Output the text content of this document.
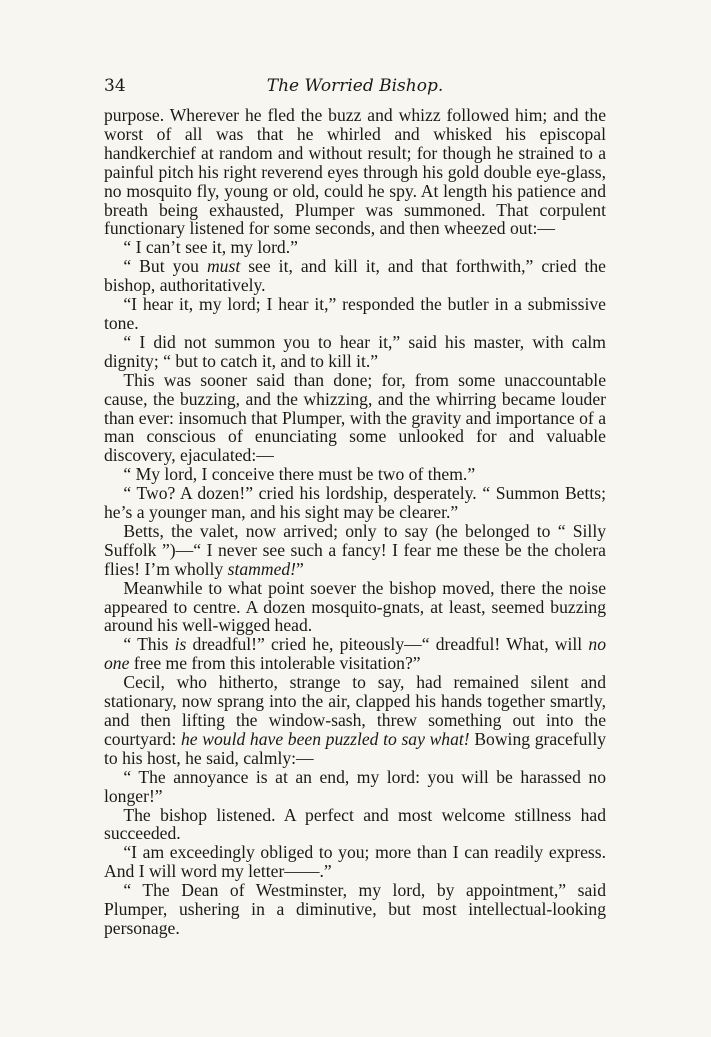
34	The Worried Bishop.

purpose. Wherever he fled the buzz and whizz followed him; and the worst of all was that he whirled and whisked his episcopal handkerchief at random and without result; for though he strained to a painful pitch his right reverend eyes through his gold double eye-glass, no mosquito fly, young or old, could he spy. At length his patience and breath being exhausted, Plumper was summoned. That corpulent functionary listened for some seconds, and then wheezed out:—

“ I can’t see it, my lord.”

“ But you must see it, and kill it, and that forthwith,” cried the bishop, authoritatively.

“I hear it, my lord; I hear it,” responded the butler in a submissive tone.

“ I did not summon you to hear it,” said his master, with calm dignity; “ but to catch it, and to kill it.”

This was sooner said than done; for, from some unaccountable cause, the buzzing, and the whizzing, and the whirring became louder than ever: insomuch that Plumper, with the gravity and importance of a man conscious of enunciating some unlooked for and valuable discovery, ejaculated:—

“ My lord, I conceive there must be two of them.”

“ Two? A dozen!” cried his lordship, desperately. “ Summon Betts; he’s a younger man, and his sight may be clearer.”

Betts, the valet, now arrived; only to say (he belonged to “ Silly Suffolk ”)—“ I never see such a fancy! I fear me these be the cholera flies! I’m wholly stammed!”

Meanwhile to what point soever the bishop moved, there the noise appeared to centre. A dozen mosquito-gnats, at least, seemed buzzing around his well-wigged head.

“ This is dreadful!” cried he, piteously—“ dreadful! What, will no one free me from this intolerable visitation?”

Cecil, who hitherto, strange to say, had remained silent and stationary, now sprang into the air, clapped his hands together smartly, and then lifting the window-sash, threw something out into the courtyard: he would have been puzzled to say what! Bowing gracefully to his host, he said, calmly:—

“ The annoyance is at an end, my lord: you will be harassed no longer!”

The bishop listened. A perfect and most welcome stillness had succeeded.

“I am exceedingly obliged to you; more than I can readily express. And I will word my letter——.”

“ The Dean of Westminster, my lord, by appointment,” said Plumper, ushering in a diminutive, but most intellectual-looking personage.
